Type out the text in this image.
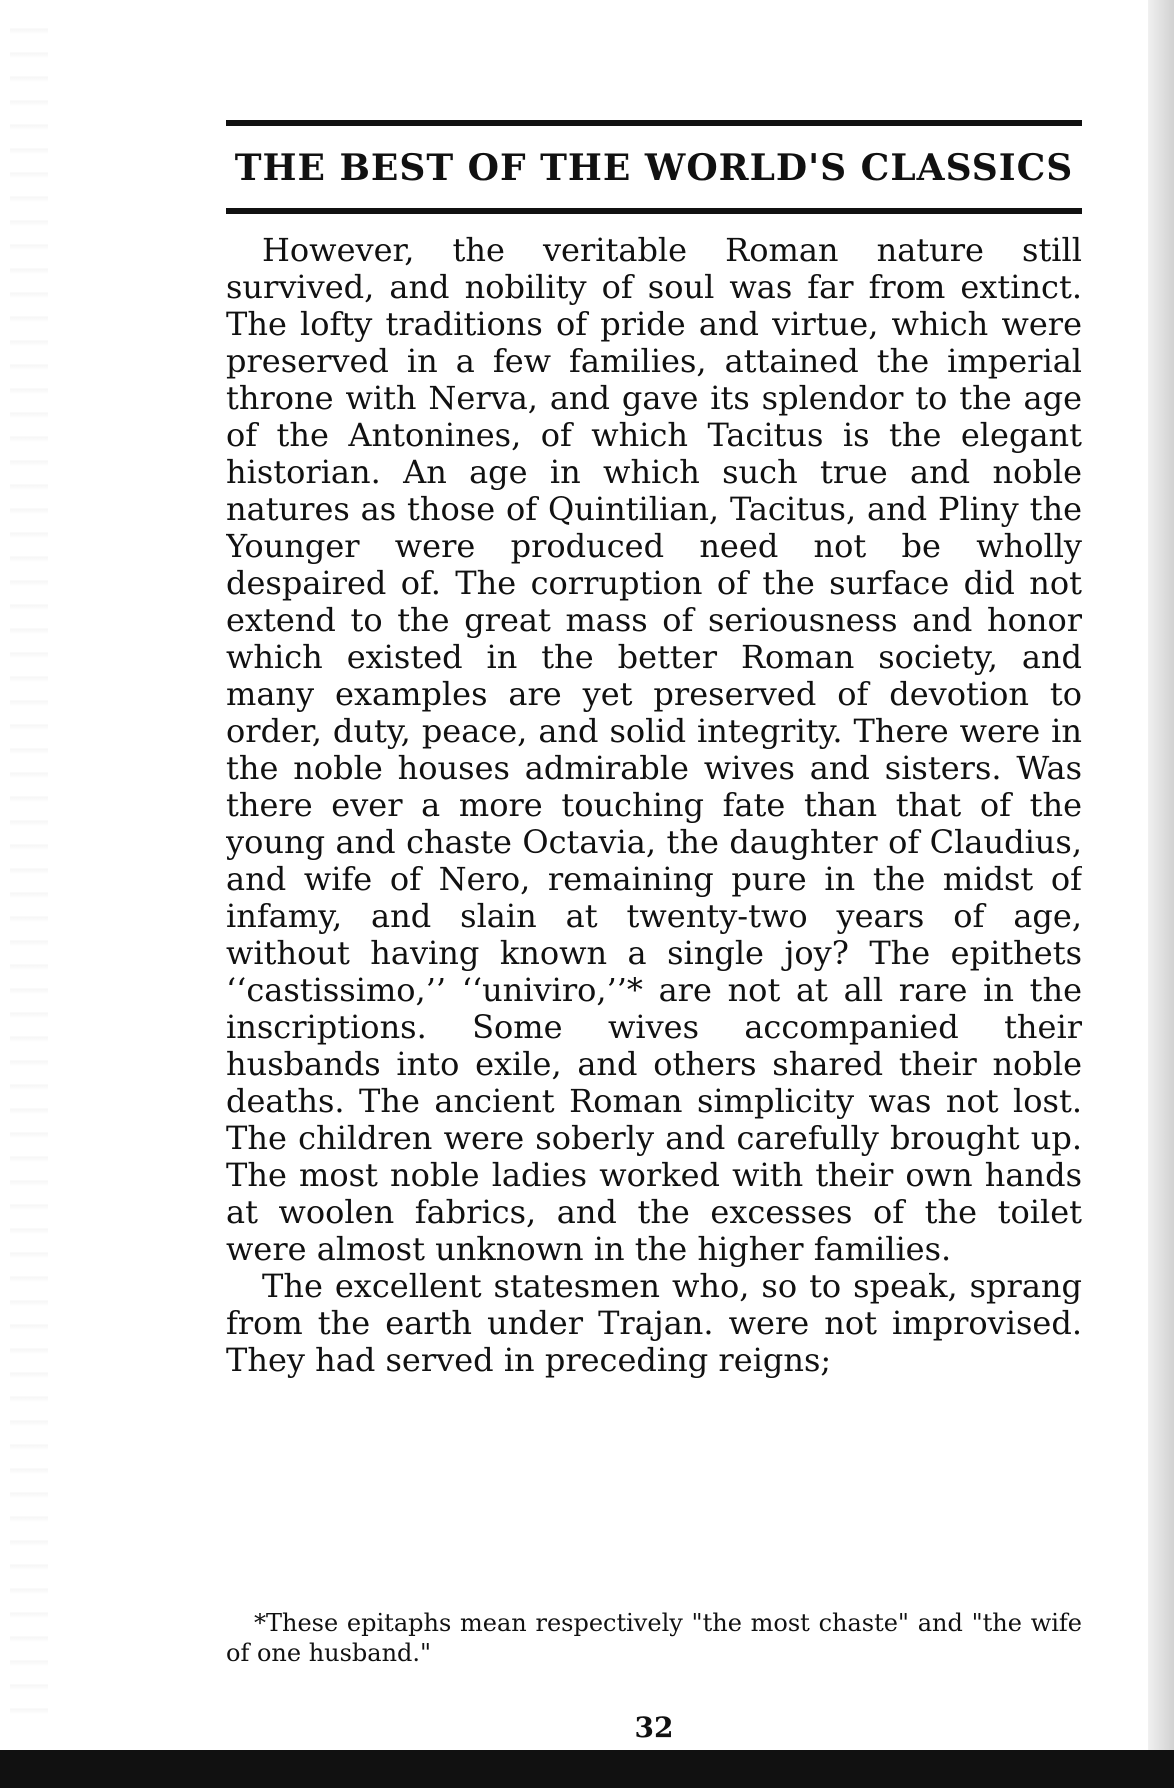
THE BEST OF THE WORLD'S CLASSICS

However, the veritable Roman nature still survived, and nobility of soul was far from extinct. The lofty traditions of pride and virtue, which were preserved in a few families, attained the imperial throne with Nerva, and gave its splendor to the age of the Antonines, of which Tacitus is the elegant historian. An age in which such true and noble natures as those of Quintilian, Tacitus, and Pliny the Younger were produced need not be wholly despaired of. The corruption of the surface did not extend to the great mass of seriousness and honor which existed in the better Roman society, and many examples are yet preserved of devotion to order, duty, peace, and solid integrity. There were in the noble houses admirable wives and sisters. Was there ever a more touching fate than that of the young and chaste Octavia, the daughter of Claudius, and wife of Nero, remaining pure in the midst of infamy, and slain at twenty-two years of age, without having known a single joy? The epithets ‘‘castissimo,’’ ‘‘univiro,’’* are not at all rare in the inscriptions. Some wives accompanied their husbands into exile, and others shared their noble deaths. The ancient Roman simplicity was not lost. The children were soberly and carefully brought up. The most noble ladies worked with their own hands at woolen fabrics, and the excesses of the toilet were almost unknown in the higher families.

The excellent statesmen who, so to speak, sprang from the earth under Trajan. were not improvised. They had served in preceding reigns;

*These epitaphs mean respectively "the most chaste" and "the wife of one husband."
32
